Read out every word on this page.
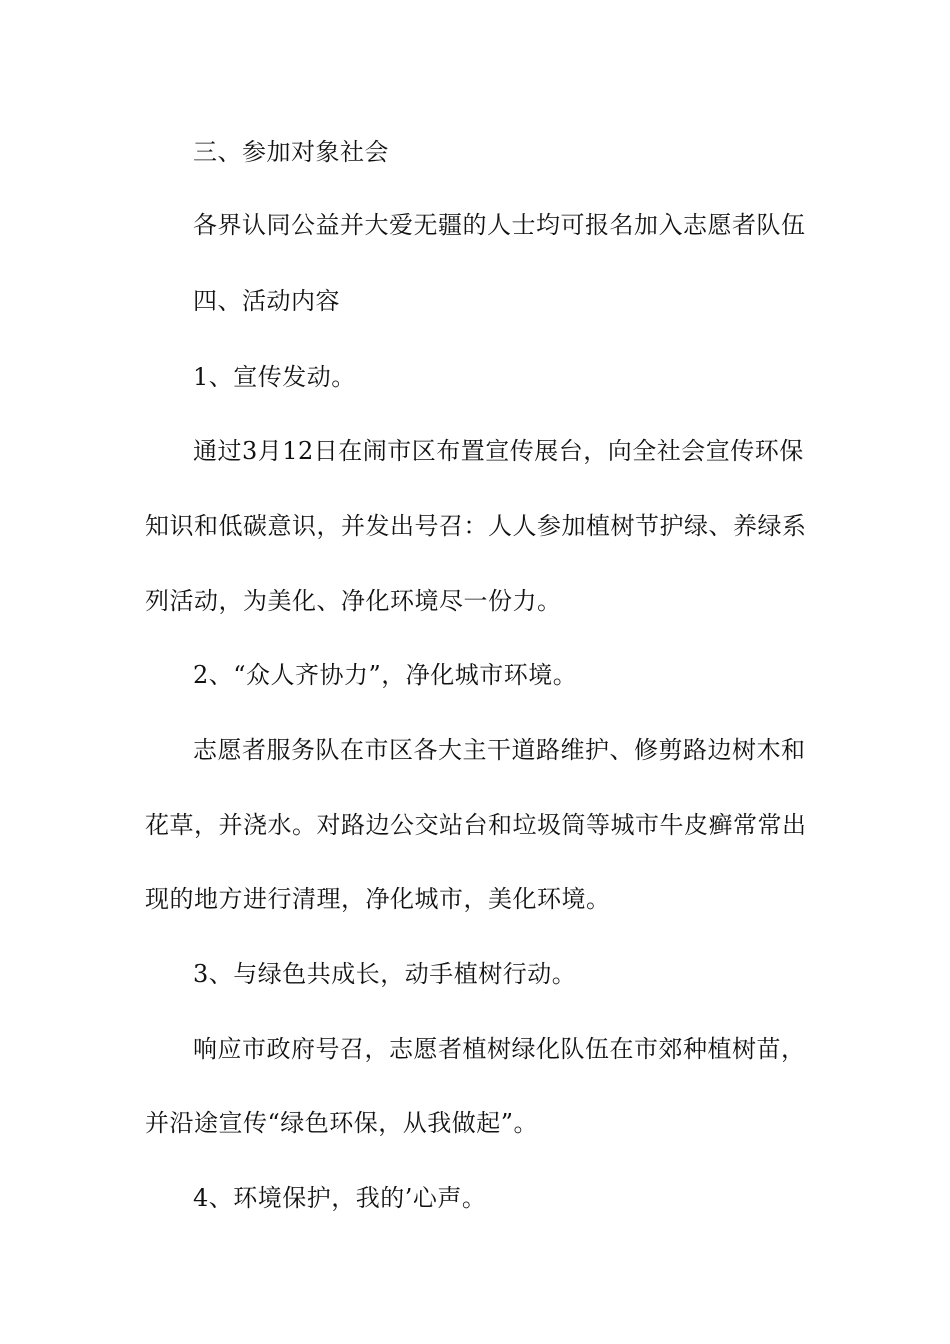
三、参加对象社会
各界认同公益并大爱无疆的人士均可报名加入志愿者队伍
四、活动内容
1、宣传发动。
通过3月12日在闹市区布置宣传展台，向全社会宣传环保
知识和低碳意识，并发出号召：人人参加植树节护绿、养绿系
列活动，为美化、净化环境尽一份力。
2、“众人齐协力”，净化城市环境。
志愿者服务队在市区各大主干道路维护、修剪路边树木和
花草，并浇水。对路边公交站台和垃圾筒等城市牛皮癣常常出
现的地方进行清理，净化城市，美化环境。
3、与绿色共成长，动手植树行动。
响应市政府号召，志愿者植树绿化队伍在市郊种植树苗，
并沿途宣传“绿色环保，从我做起”。
4、环境保护，我的’心声。
